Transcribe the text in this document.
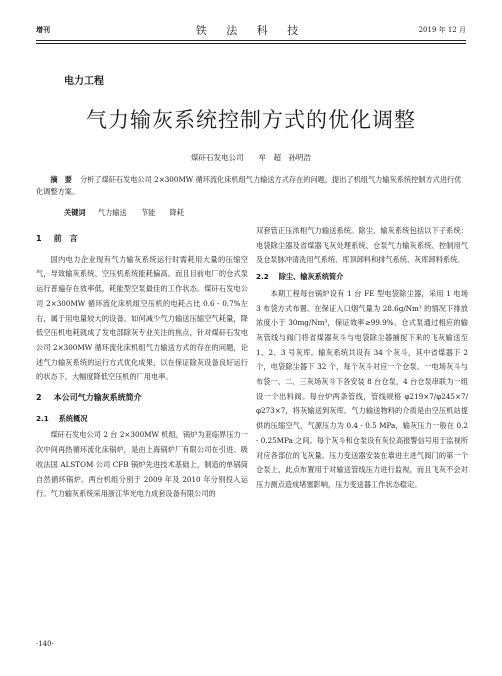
增刊	铁 法 科 技	2019 年 12 月
电力工程
气力输灰系统控制方式的优化调整
煤矸石发电公司　　牟　超　孙明浩
摘　要 分析了煤矸石发电公司 2×300MW 循环流化床机组气力输送方式存在的问题，提出了机组气力输灰系统控制方式进行优化调整方案。
关键词 气力输送 节能 降耗
1 前　言

国内电力企业现有气力输灰系统运行时需耗用大量的压缩空气，导致输灰系统、空压机系统能耗偏高。而且目前电厂的仓式泵运行普遍存在效率低，耗能型空泵最佳的工作状态。煤矸石发电公司 2×300MW 循环流化床机组空压机的电耗占比 0.6 - 0.7%左右，属于用电量较大的设备。如何减少气力输送压缩空气耗量，降低空压机电耗就成了发电部除灰专业关注的焦点，针对煤矸石发电公司 2×300MW 循环流化床机组气力输送方式的存在的问题，论述气力输灰系统的运行方式优化成果，以在保证除灰设备良好运行的状态下，大幅度降低空压机的厂用电率。

2 本公司气力输灰系统简介
2.1 系统概况

煤矸石发电公司 2 台 2×300MW 机组，锅炉为亚临界压力一次中间再热循环流化床锅炉，是由上海锅炉厂有限公司在引进、吸收法国 ALSTOM 公司 CFB 锅炉先进技术基础上，制造的单锅筒自然循环锅炉。两台机组分别于 2009 年及 2010 年分别投入运行。气力输灰系统采用浙江华光电力成套设备有限公司的

双套管正压浓相气力输送系统。除尘、输灰系统包括以下子系统：电袋除尘器及省煤器飞灰处理系统、仓泵气力输灰系统、控制用气及仓泵脉冲清洗用气系统、库顶卸料和排气系统、灰库卸料系统。

2.2 除尘、输灰系统简介

本期工程每台锅炉设有 1 台 FE 型电袋除尘器，采用 1 电场 3 布袋方式布置。在保证入口烟气量为 28.6g/Nm³ 的情况下排放浓度小于 30mg/Nm³，保证效率≥99.9%。仓式泵通过相应的输灰管线与阀门将省煤器灰斗与电袋除尘器捕捉下来的飞灰输送至 1、2、3 号灰库。输灰系统共设有 34 个灰斗，其中省煤器下 2 个，电袋除尘器下 32 个，每个灰斗对应一个仓泵。一电场灰斗与布袋一、二、三灰场灰斗下各安装 8 台仓泵，4 台仓泵串联为一组设一个出料阀。每台炉两条管线，管线规格 φ219×7/φ245×7/φ273×7，将灰输送到灰库。气力输送物料的介质是由空压机站提供的压缩空气，气源压力为 0.4 - 0.5 MPa，输灰压力一般在 0.2 - 0.25MPa 之间。每个灰斗和仓泵设有灰位高报警信号用于监视所对应各部位的飞灰量。压力变送器安装在靠进主进气阀门的第一个仓泵上，此点布置用于对输送管线压力进行监视，而且飞灰不会对压力测点造成堵塞影响，压力变送器工作状态稳定。

·140·
